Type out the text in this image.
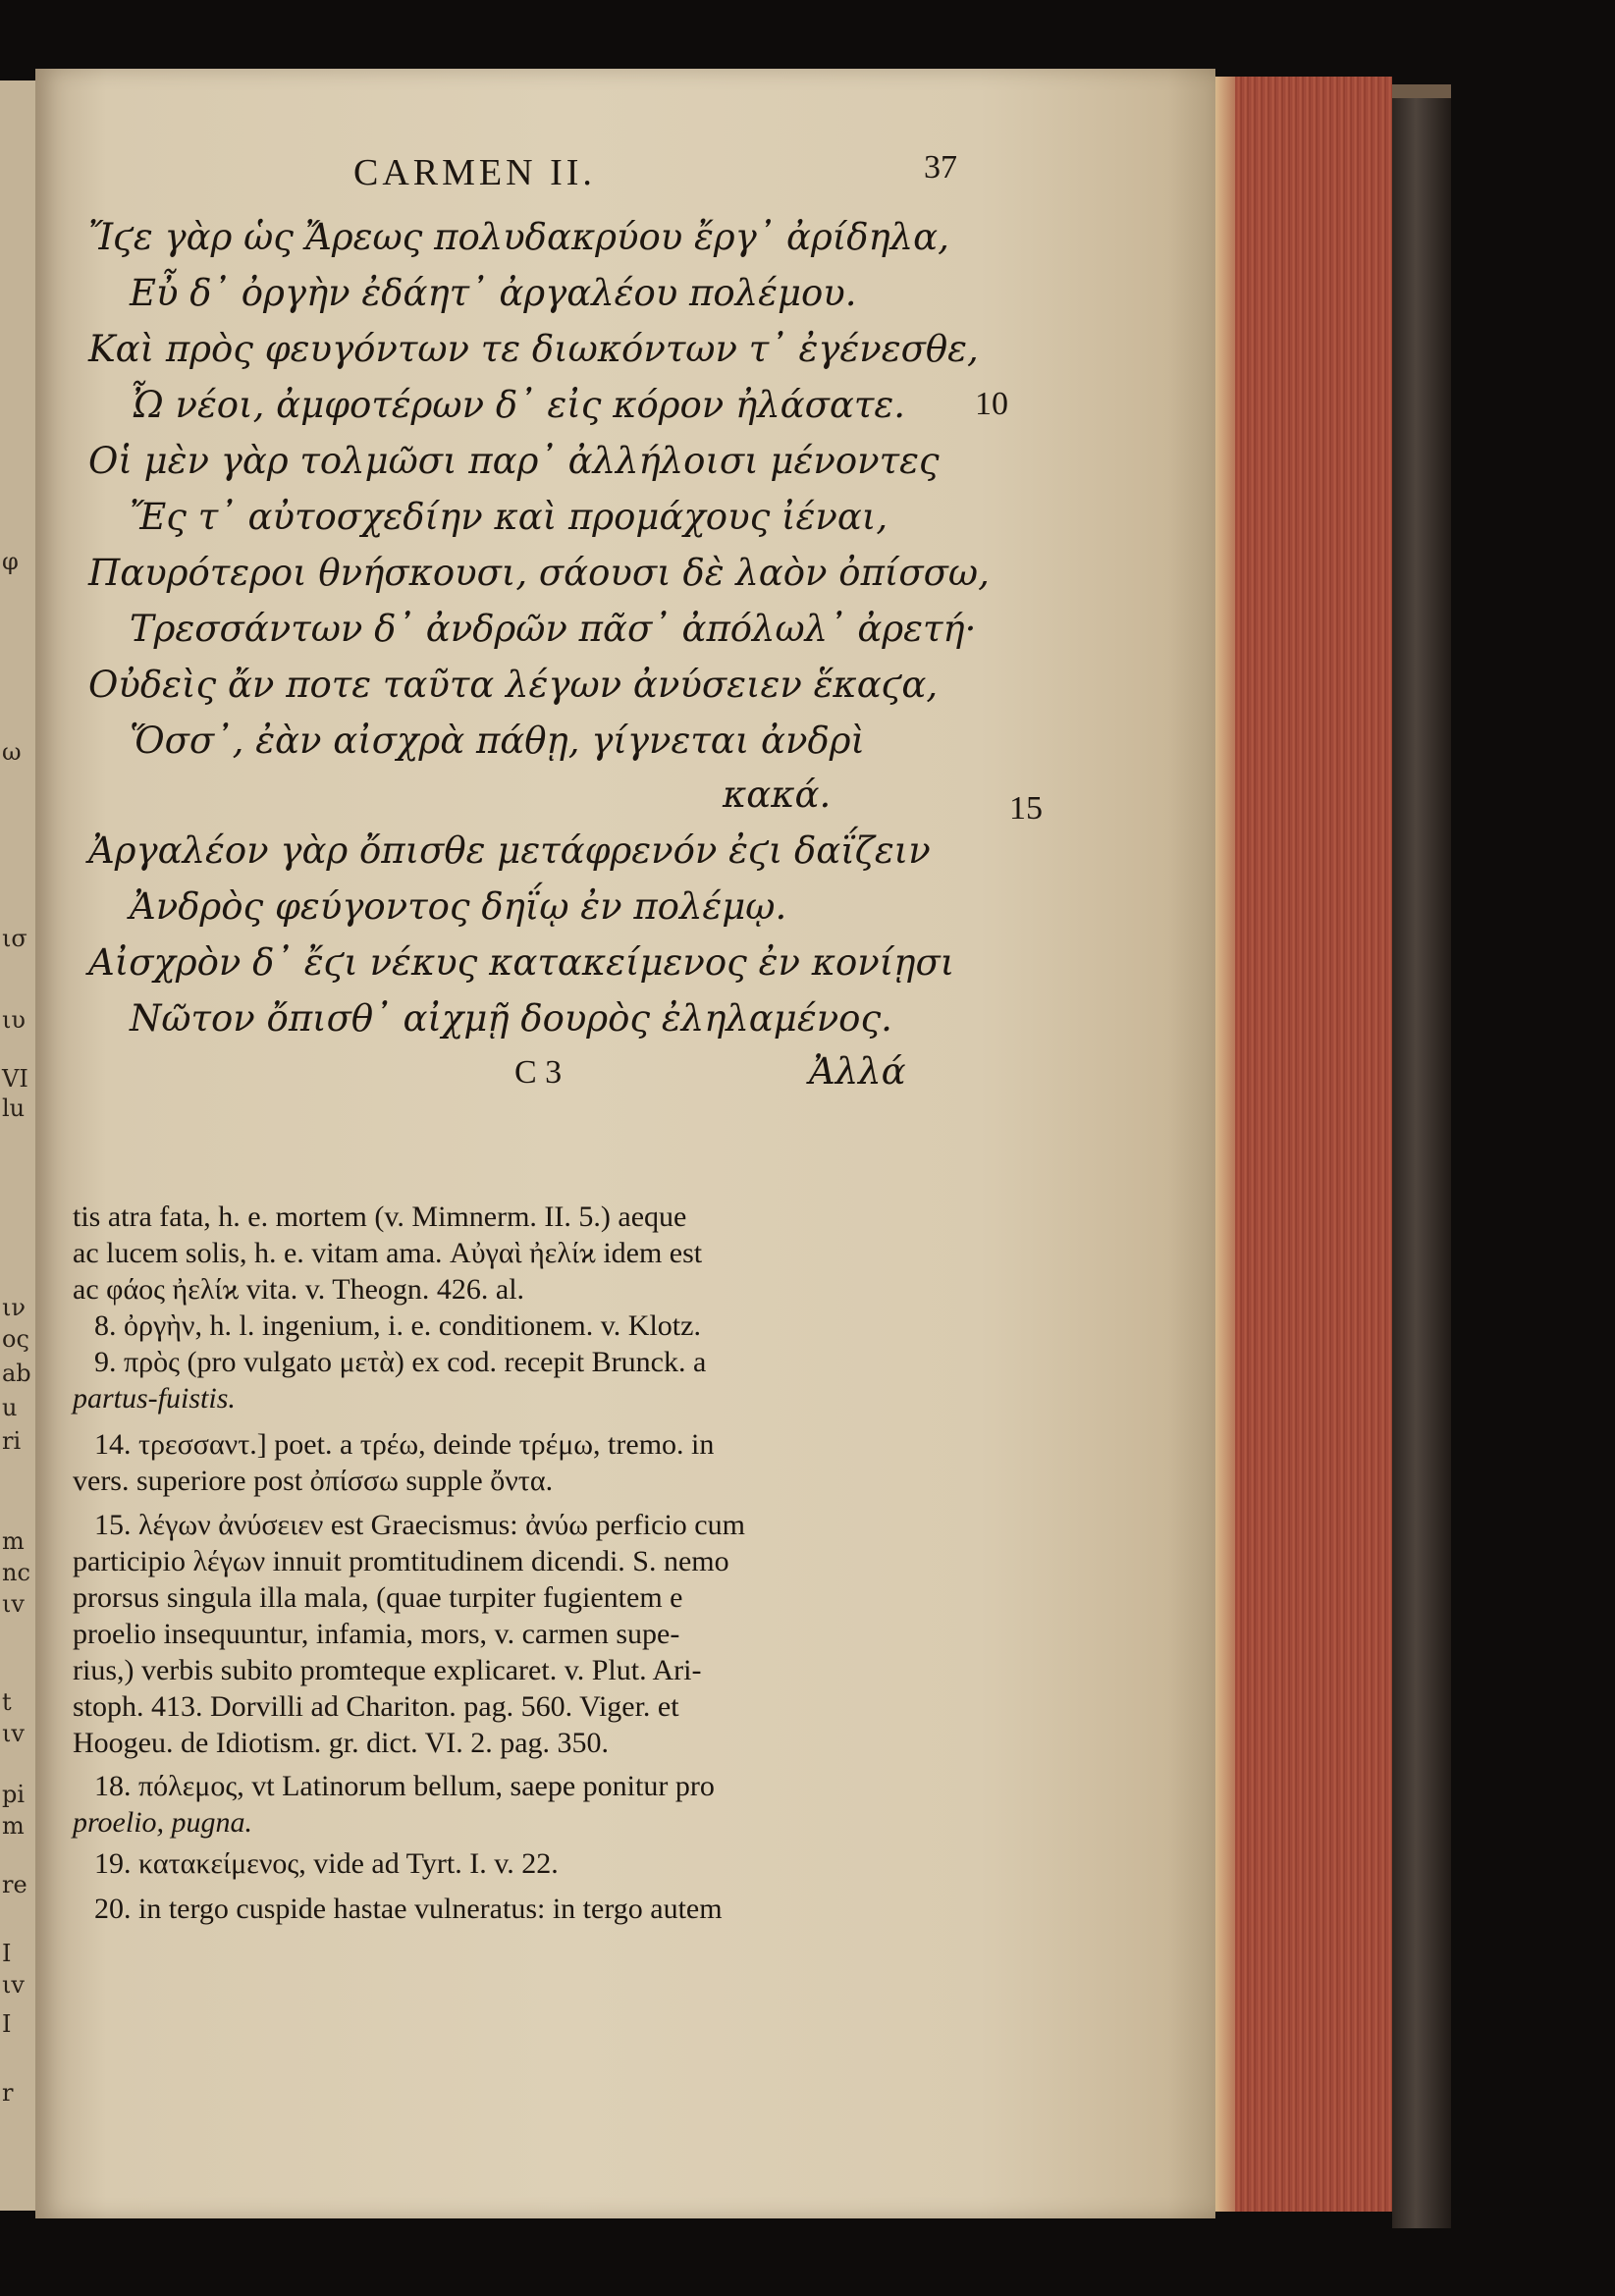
φ
ω
ισ
ιυ
VI
lu
ιν
ος
ab
u
ri
m
nc
ιv
t
ιv
pi
m
re
I
ιv
I
r
CARMEN II.	37
Ἴϛε γὰρ ὡς Ἄρεως πολυδακρύου ἔργ᾽ ἀρίδηλα,
Εὖ δ᾽ ὀργὴν ἐδάητ᾽ ἀργαλέου πολέμου.
Καὶ πρὸς φευγόντων τε διωκόντων τ᾽ ἐγένεσθε,
Ὦ νέοι, ἀμφοτέρων δ᾽ εἰς κόρον ἠλάσατε. 10
Οἱ μὲν γὰρ τολμῶσι παρ᾽ ἀλλήλοισι μένοντες
Ἔς τ᾽ αὐτοσχεδίην καὶ προμάχους ἰέναι,
Παυρότεροι θνήσκουσι, σάουσι δὲ λαὸν ὀπίσσω,
Τρεσσάντων δ᾽ ἀνδρῶν πᾶσ᾽ ἀπόλωλ᾽ ἀρετή·
Οὐδεὶς ἄν ποτε ταῦτα λέγων ἀνύσειεν ἕκαϛα,
15
Ὅσσ᾽, ἐὰν αἰσχρὰ πάθῃ, γίγνεται ἀνδρὶ
κακά.
Ἀργαλέον γὰρ ὄπισθε μετάφρενόν ἐϛι δαΐζειν
Ἀνδρὸς φεύγοντος δηΐῳ ἐν πολέμῳ.
Αἰσχρὸν δ᾽ ἔϛι νέκυς κατακείμενος ἐν κονίῃσι
Νῶτον ὄπισθ᾽ αἰχμῇ δουρὸς ἐληλαμένος.
C 3	Ἀλλά
tis atra fata, h. e. mortem (v. Mimnerm. II. 5.) aeque
ac lucem solis, h. e. vitam ama. Αὐγαὶ ἠελίϰ idem est
ac φάος ἠελίϰ vita. v. Theogn. 426. al.
8. ὀργὴν, h. l. ingenium, i. e. conditionem. v. Klotz.
9. πρὸς (pro vulgato μετὰ) ex cod. recepit Brunck. a
partus-fuistis.
14. τρεσσαντ.] poet. a τρέω, deinde τρέμω, tremo. in
vers. superiore post ὀπίσσω supple ὄντα.
15. λέγων ἀνύσειεν est Graecismus: ἀνύω perficio cum
participio λέγων innuit promtitudinem dicendi. S. nemo
prorsus singula illa mala, (quae turpiter fugientem e
proelio insequuntur, infamia, mors, v. carmen supe-
rius,) verbis subito promteque explicaret. v. Plut. Ari-
stoph. 413. Dorvilli ad Chariton. pag. 560. Viger. et
Hoogeu. de Idiotism. gr. dict. VI. 2. pag. 350.
18. πόλεμος, vt Latinorum bellum, saepe ponitur pro
proelio, pugna.
19. κατακείμενος, vide ad Tyrt. I. v. 22.
20. in tergo cuspide hastae vulneratus: in tergo autem
